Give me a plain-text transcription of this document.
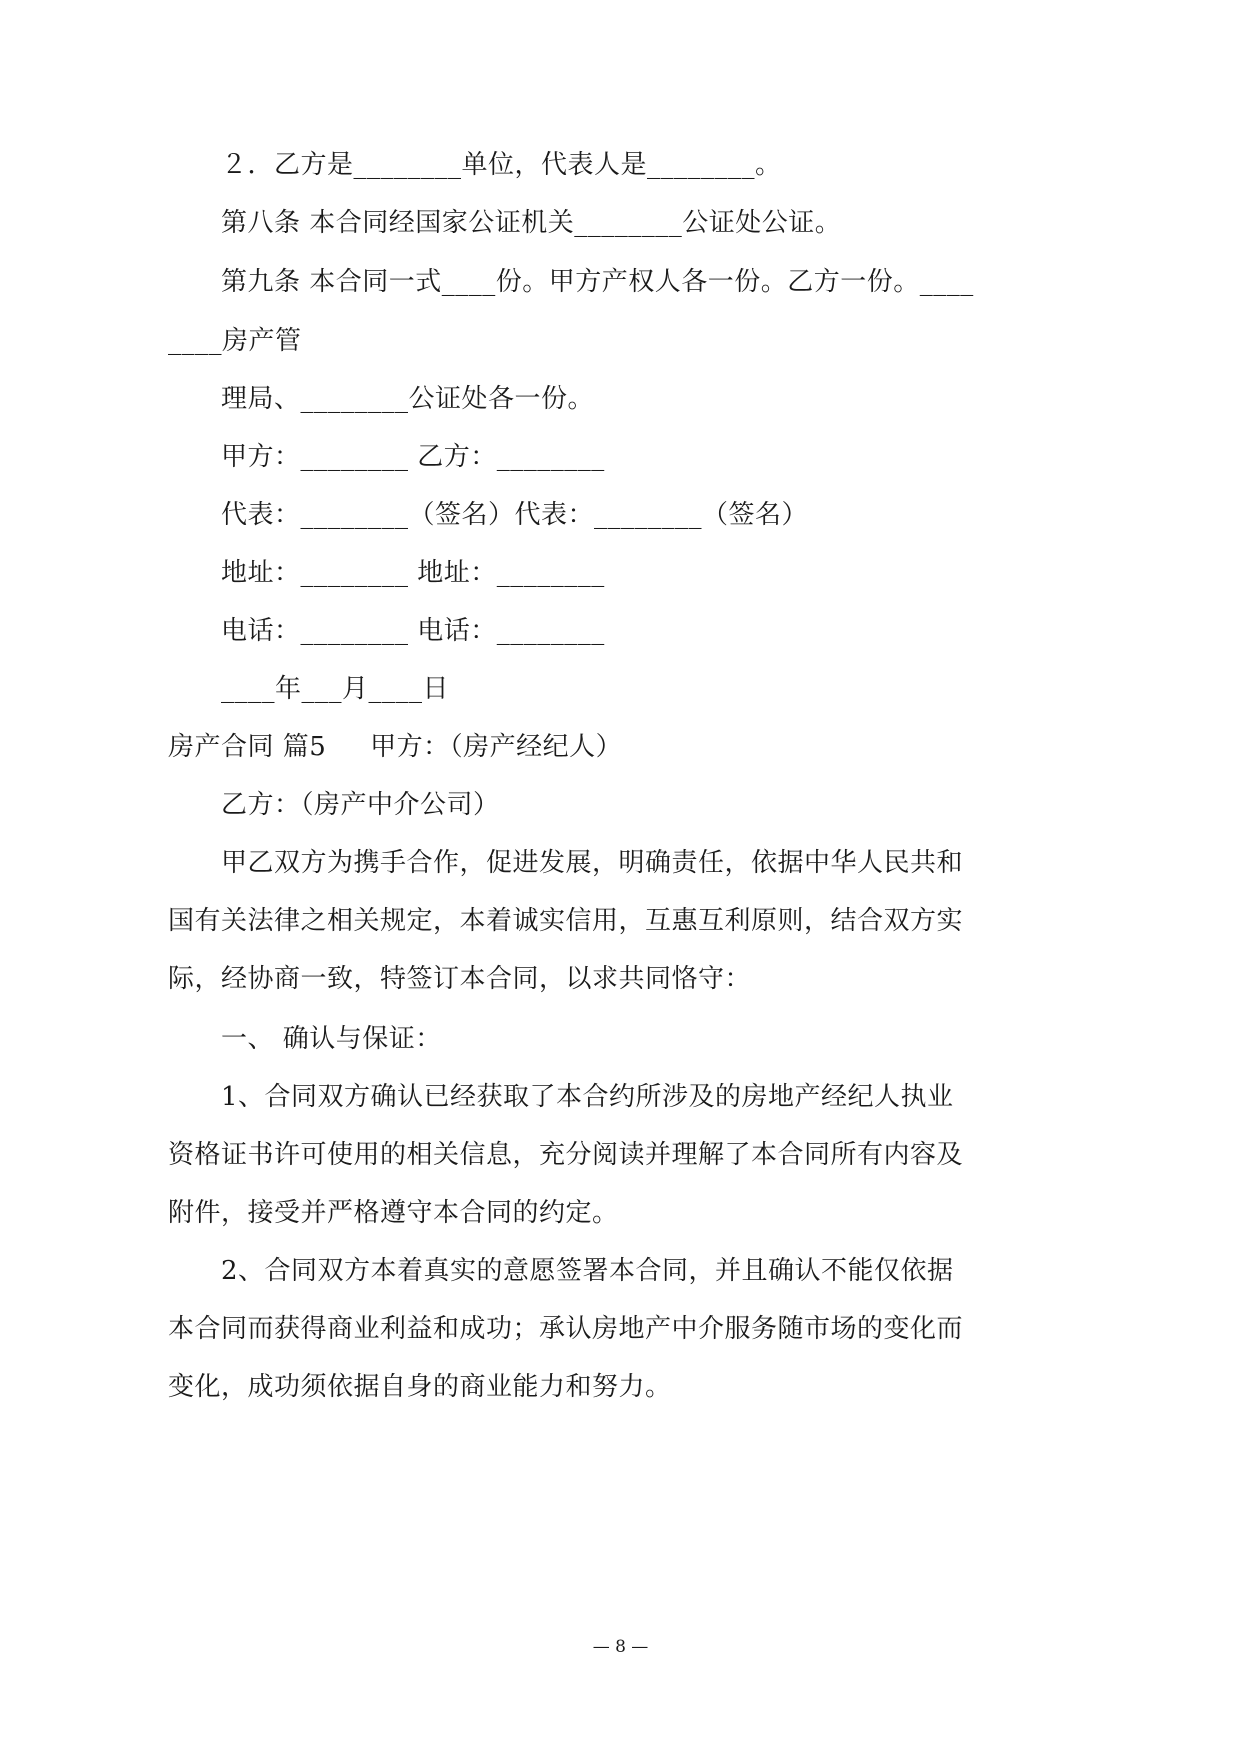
２．乙方是________单位，代表人是________。
第八条 本合同经国家公证机关________公证处公证。
第九条 本合同一式____份。甲方产权人各一份。乙方一份。____
____房产管
理局、________公证处各一份。
甲方：________ 乙方：________
代表：________（签名）代表：________（签名）
地址：________ 地址：________
电话：________ 电话：________
____年___月____日
房产合同 篇5     甲方：（房产经纪人）
乙方：（房产中介公司）
甲乙双方为携手合作，促进发展，明确责任，依据中华人民共和
国有关法律之相关规定，本着诚实信用，互惠互利原则，结合双方实
际，经协商一致，特签订本合同，以求共同恪守：
一、 确认与保证：
1、合同双方确认已经获取了本合约所涉及的房地产经纪人执业
资格证书许可使用的相关信息，充分阅读并理解了本合同所有内容及
附件，接受并严格遵守本合同的约定。
2、合同双方本着真实的意愿签署本合同，并且确认不能仅依据
本合同而获得商业利益和成功；承认房地产中介服务随市场的变化而
变化，成功须依据自身的商业能力和努力。
— 8 —
